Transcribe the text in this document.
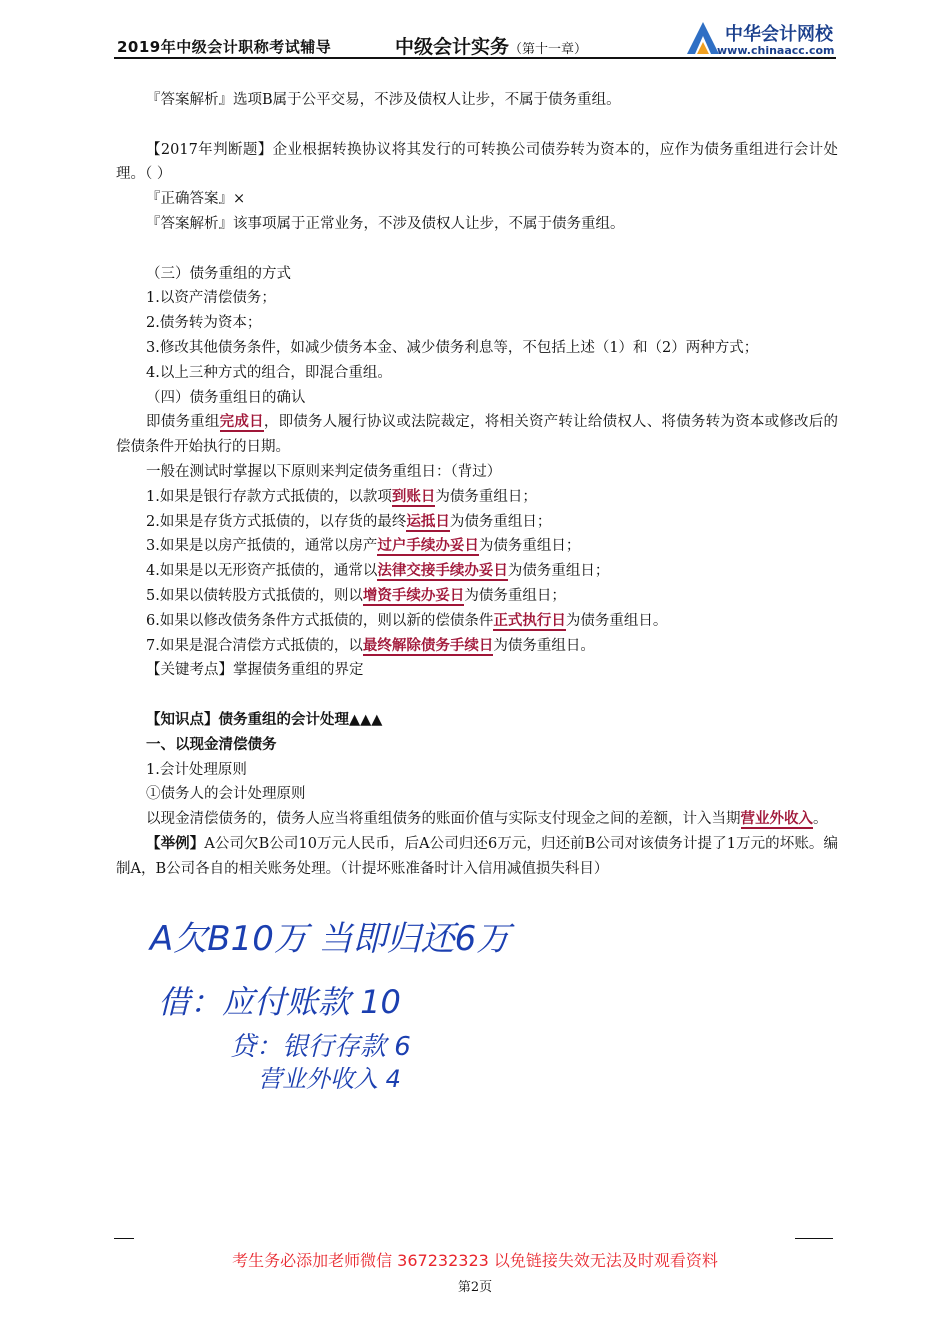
2019年中级会计职称考试辅导	中级会计实务（第十一章）
中华会计网校
www.chinaacc.com
『答案解析』选项B属于公平交易，不涉及债权人让步，不属于债务重组。
【2017年判断题】企业根据转换协议将其发行的可转换公司债券转为资本的，应作为债务重组进行会计处理。（ ）
『正确答案』×
『答案解析』该事项属于正常业务，不涉及债权人让步，不属于债务重组。
（三）债务重组的方式
1.以资产清偿债务；
2.债务转为资本；
3.修改其他债务条件，如减少债务本金、减少债务利息等，不包括上述（1）和（2）两种方式；
4.以上三种方式的组合，即混合重组。
（四）债务重组日的确认
即债务重组完成日，即债务人履行协议或法院裁定，将相关资产转让给债权人、将债务转为资本或修改后的偿债条件开始执行的日期。
一般在测试时掌握以下原则来判定债务重组日：（背过）
1.如果是银行存款方式抵债的，以款项到账日为债务重组日；
2.如果是存货方式抵债的，以存货的最终运抵日为债务重组日；
3.如果是以房产抵债的，通常以房产过户手续办妥日为债务重组日；
4.如果是以无形资产抵债的，通常以法律交接手续办妥日为债务重组日；
5.如果以债转股方式抵债的，则以增资手续办妥日为债务重组日；
6.如果以修改债务条件方式抵债的，则以新的偿债条件正式执行日为债务重组日。
7.如果是混合清偿方式抵债的，以最终解除债务手续日为债务重组日。
【关键考点】掌握债务重组的界定
【知识点】债务重组的会计处理▲▲▲
一、以现金清偿债务
1.会计处理原则
①债务人的会计处理原则
以现金清偿债务的，债务人应当将重组债务的账面价值与实际支付现金之间的差额，计入当期营业外收入。
【举例】A公司欠B公司10万元人民币，后A公司归还6万元，归还前B公司对该债务计提了1万元的坏账。编制A，B公司各自的相关账务处理。（计提坏账准备时计入信用减值损失科目）
A欠B10万 当即归还6万
借：应付账款 10
贷：银行存款 6
营业外收入 4
考生务必添加老师微信 367232323 以免链接失效无法及时观看资料
第2页
